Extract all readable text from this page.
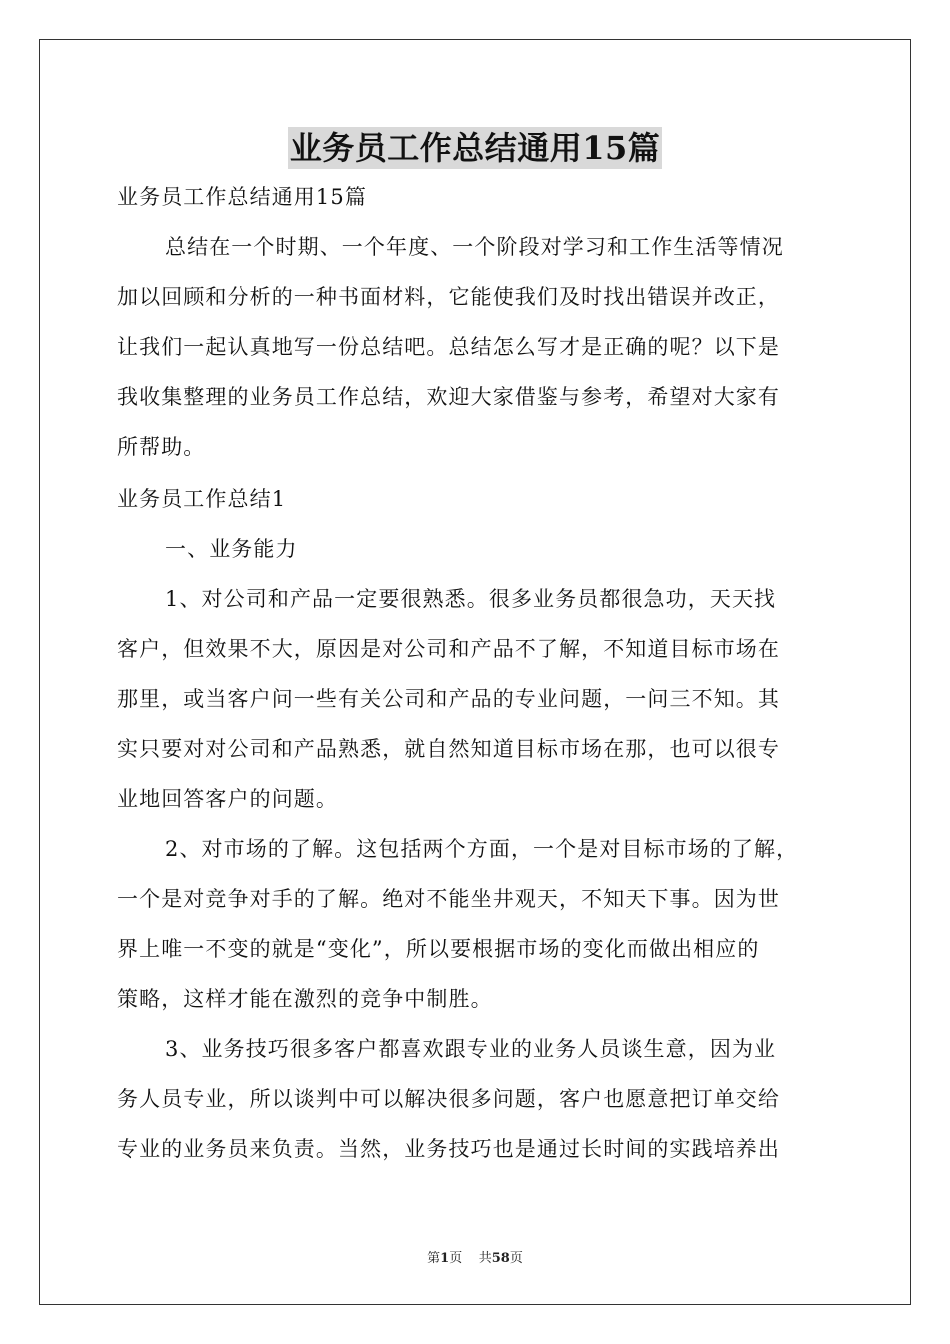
业务员工作总结通用15篇
业务员工作总结通用15篇
总结在一个时期、一个年度、一个阶段对学习和工作生活等情况
加以回顾和分析的一种书面材料，它能使我们及时找出错误并改正，
让我们一起认真地写一份总结吧。总结怎么写才是正确的呢？以下是
我收集整理的业务员工作总结，欢迎大家借鉴与参考，希望对大家有
所帮助。
业务员工作总结1
一、业务能力
1、对公司和产品一定要很熟悉。很多业务员都很急功，天天找
客户，但效果不大，原因是对公司和产品不了解，不知道目标市场在
那里，或当客户问一些有关公司和产品的专业问题，一问三不知。其
实只要对对公司和产品熟悉，就自然知道目标市场在那，也可以很专
业地回答客户的问题。
2、对市场的了解。这包括两个方面，一个是对目标市场的了解，
一个是对竞争对手的了解。绝对不能坐井观天，不知天下事。因为世
界上唯一不变的就是“变化”，所以要根据市场的变化而做出相应的
策略，这样才能在激烈的竞争中制胜。
3、业务技巧很多客户都喜欢跟专业的业务人员谈生意，因为业
务人员专业，所以谈判中可以解决很多问题，客户也愿意把订单交给
专业的业务员来负责。当然，业务技巧也是通过长时间的实践培养出
第1页 共58页
